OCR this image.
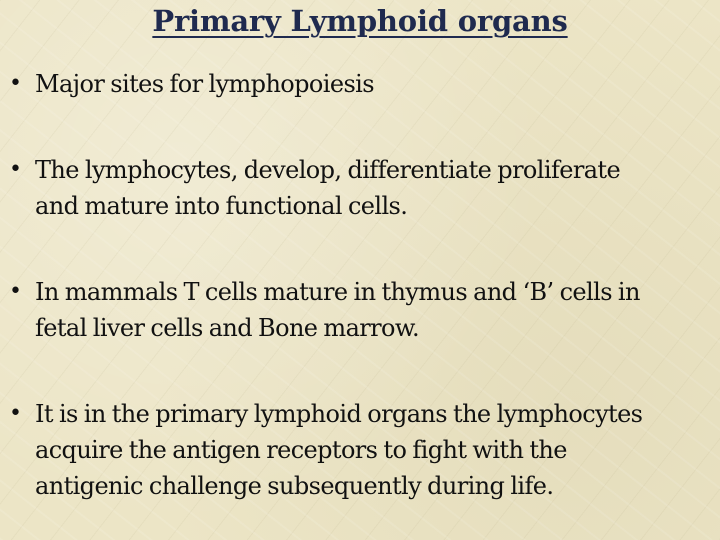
Primary Lymphoid organs
• Major sites for lymphopoiesis
• The lymphocytes, develop, differentiate proliferate
and mature into functional cells.
• In mammals T cells mature in thymus and ‘B’ cells in
fetal liver cells and Bone marrow.
• It is in the primary lymphoid organs the lymphocytes
acquire the antigen receptors to fight with the
antigenic challenge subsequently during life.
